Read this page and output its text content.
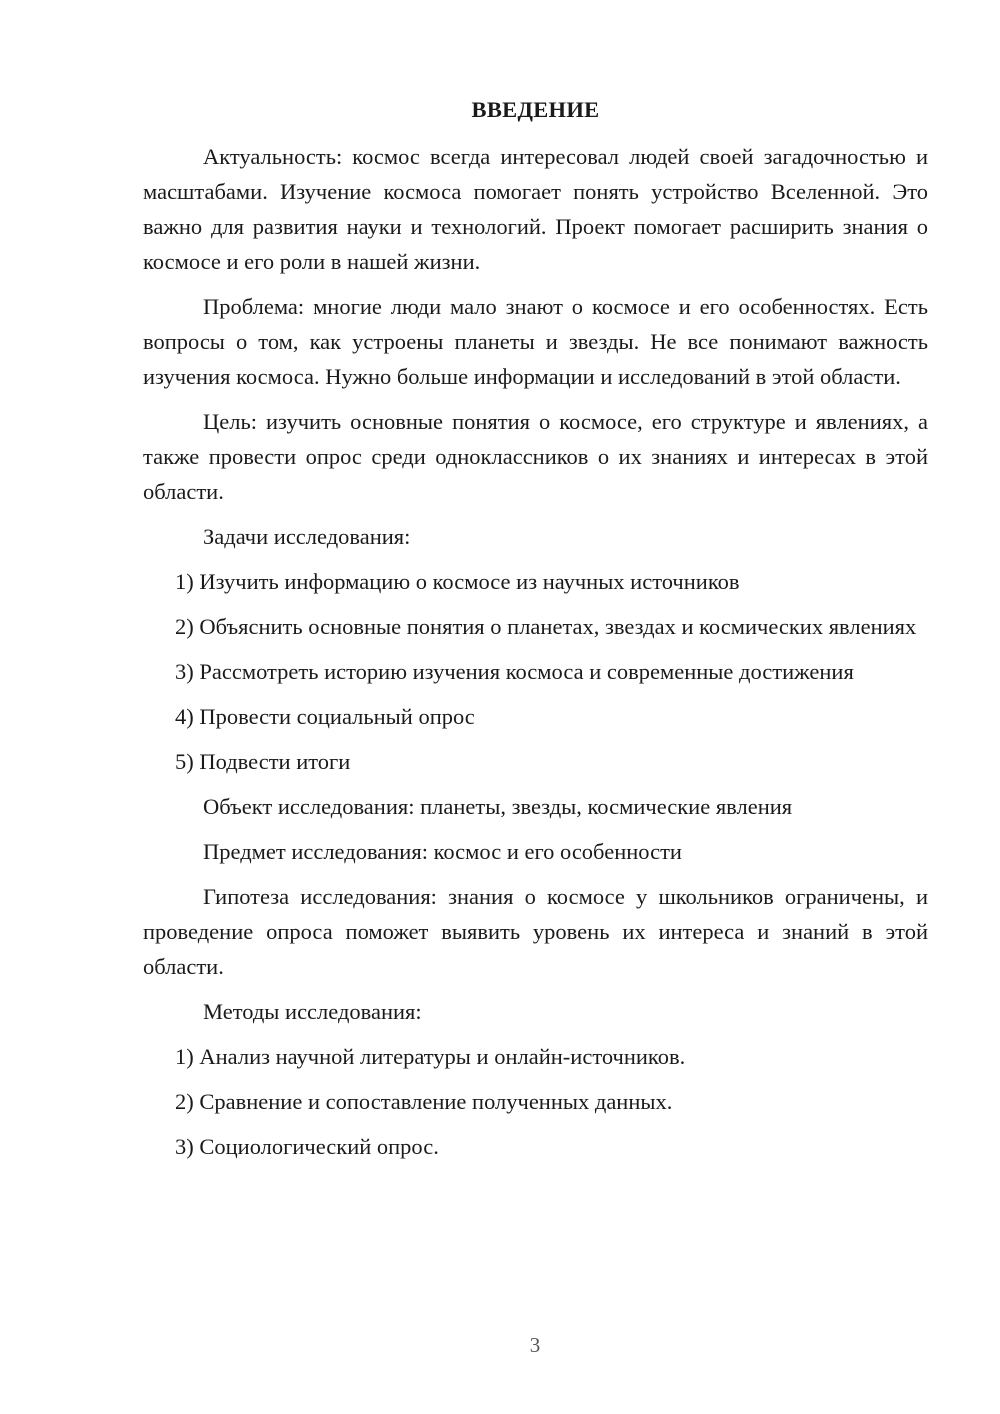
ВВЕДЕНИЕ

Актуальность: космос всегда интересовал людей своей загадочностью и масштабами. Изучение космоса помогает понять устройство Вселенной. Это важно для развития науки и технологий. Проект помогает расширить знания о космосе и его роли в нашей жизни.

Проблема: многие люди мало знают о космосе и его особенностях. Есть вопросы о том, как устроены планеты и звезды. Не все понимают важность изучения космоса. Нужно больше информации и исследований в этой области.

Цель: изучить основные понятия о космосе, его структуре и явлениях, а также провести опрос среди одноклассников о их знаниях и интересах в этой области.

Задачи исследования:

1) Изучить информацию о космосе из научных источников

2) Объяснить основные понятия о планетах, звездах и космических явлениях

3) Рассмотреть историю изучения космоса и современные достижения

4) Провести социальный опрос

5) Подвести итоги

Объект исследования: планеты, звезды, космические явления

Предмет исследования: космос и его особенности

Гипотеза исследования: знания о космосе у школьников ограничены, и проведение опроса поможет выявить уровень их интереса и знаний в этой области.

Методы исследования:

1) Анализ научной литературы и онлайн-источников.

2) Сравнение и сопоставление полученных данных.

3) Социологический опрос.

3
